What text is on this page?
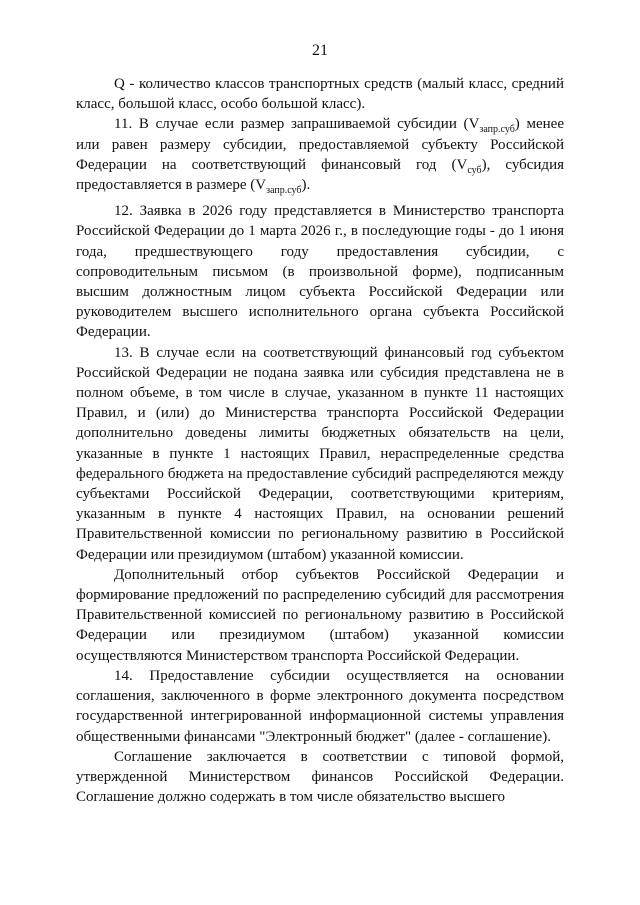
21

Q - количество классов транспортных средств (малый класс, средний класс, большой класс, особо большой класс).

11. В случае если размер запрашиваемой субсидии $(V_{запр.суб})$ менее или равен размеру субсидии, предоставляемой субъекту Российской Федерации на соответствующий финансовый год $(V_{суб})$, субсидия предоставляется в размере $(V_{запр.суб})$.

12. Заявка в 2026 году представляется в Министерство транспорта Российской Федерации до 1 марта 2026 г., в последующие годы - до 1 июня года, предшествующего году предоставления субсидии, с сопроводительным письмом (в произвольной форме), подписанным высшим должностным лицом субъекта Российской Федерации или руководителем высшего исполнительного органа субъекта Российской Федерации.

13. В случае если на соответствующий финансовый год субъектом Российской Федерации не подана заявка или субсидия представлена не в полном объеме, в том числе в случае, указанном в пункте 11 настоящих Правил, и (или) до Министерства транспорта Российской Федерации дополнительно доведены лимиты бюджетных обязательств на цели, указанные в пункте 1 настоящих Правил, нераспределенные средства федерального бюджета на предоставление субсидий распределяются между субъектами Российской Федерации, соответствующими критериям, указанным в пункте 4 настоящих Правил, на основании решений Правительственной комиссии по региональному развитию в Российской Федерации или президиумом (штабом) указанной комиссии.

Дополнительный отбор субъектов Российской Федерации и формирование предложений по распределению субсидий для рассмотрения Правительственной комиссией по региональному развитию в Российской Федерации или президиумом (штабом) указанной комиссии осуществляются Министерством транспорта Российской Федерации.

14. Предоставление субсидии осуществляется на основании соглашения, заключенного в форме электронного документа посредством государственной интегрированной информационной системы управления общественными финансами "Электронный бюджет" (далее - соглашение).

Соглашение заключается в соответствии с типовой формой, утвержденной Министерством финансов Российской Федерации. Соглашение должно содержать в том числе обязательство высшего
